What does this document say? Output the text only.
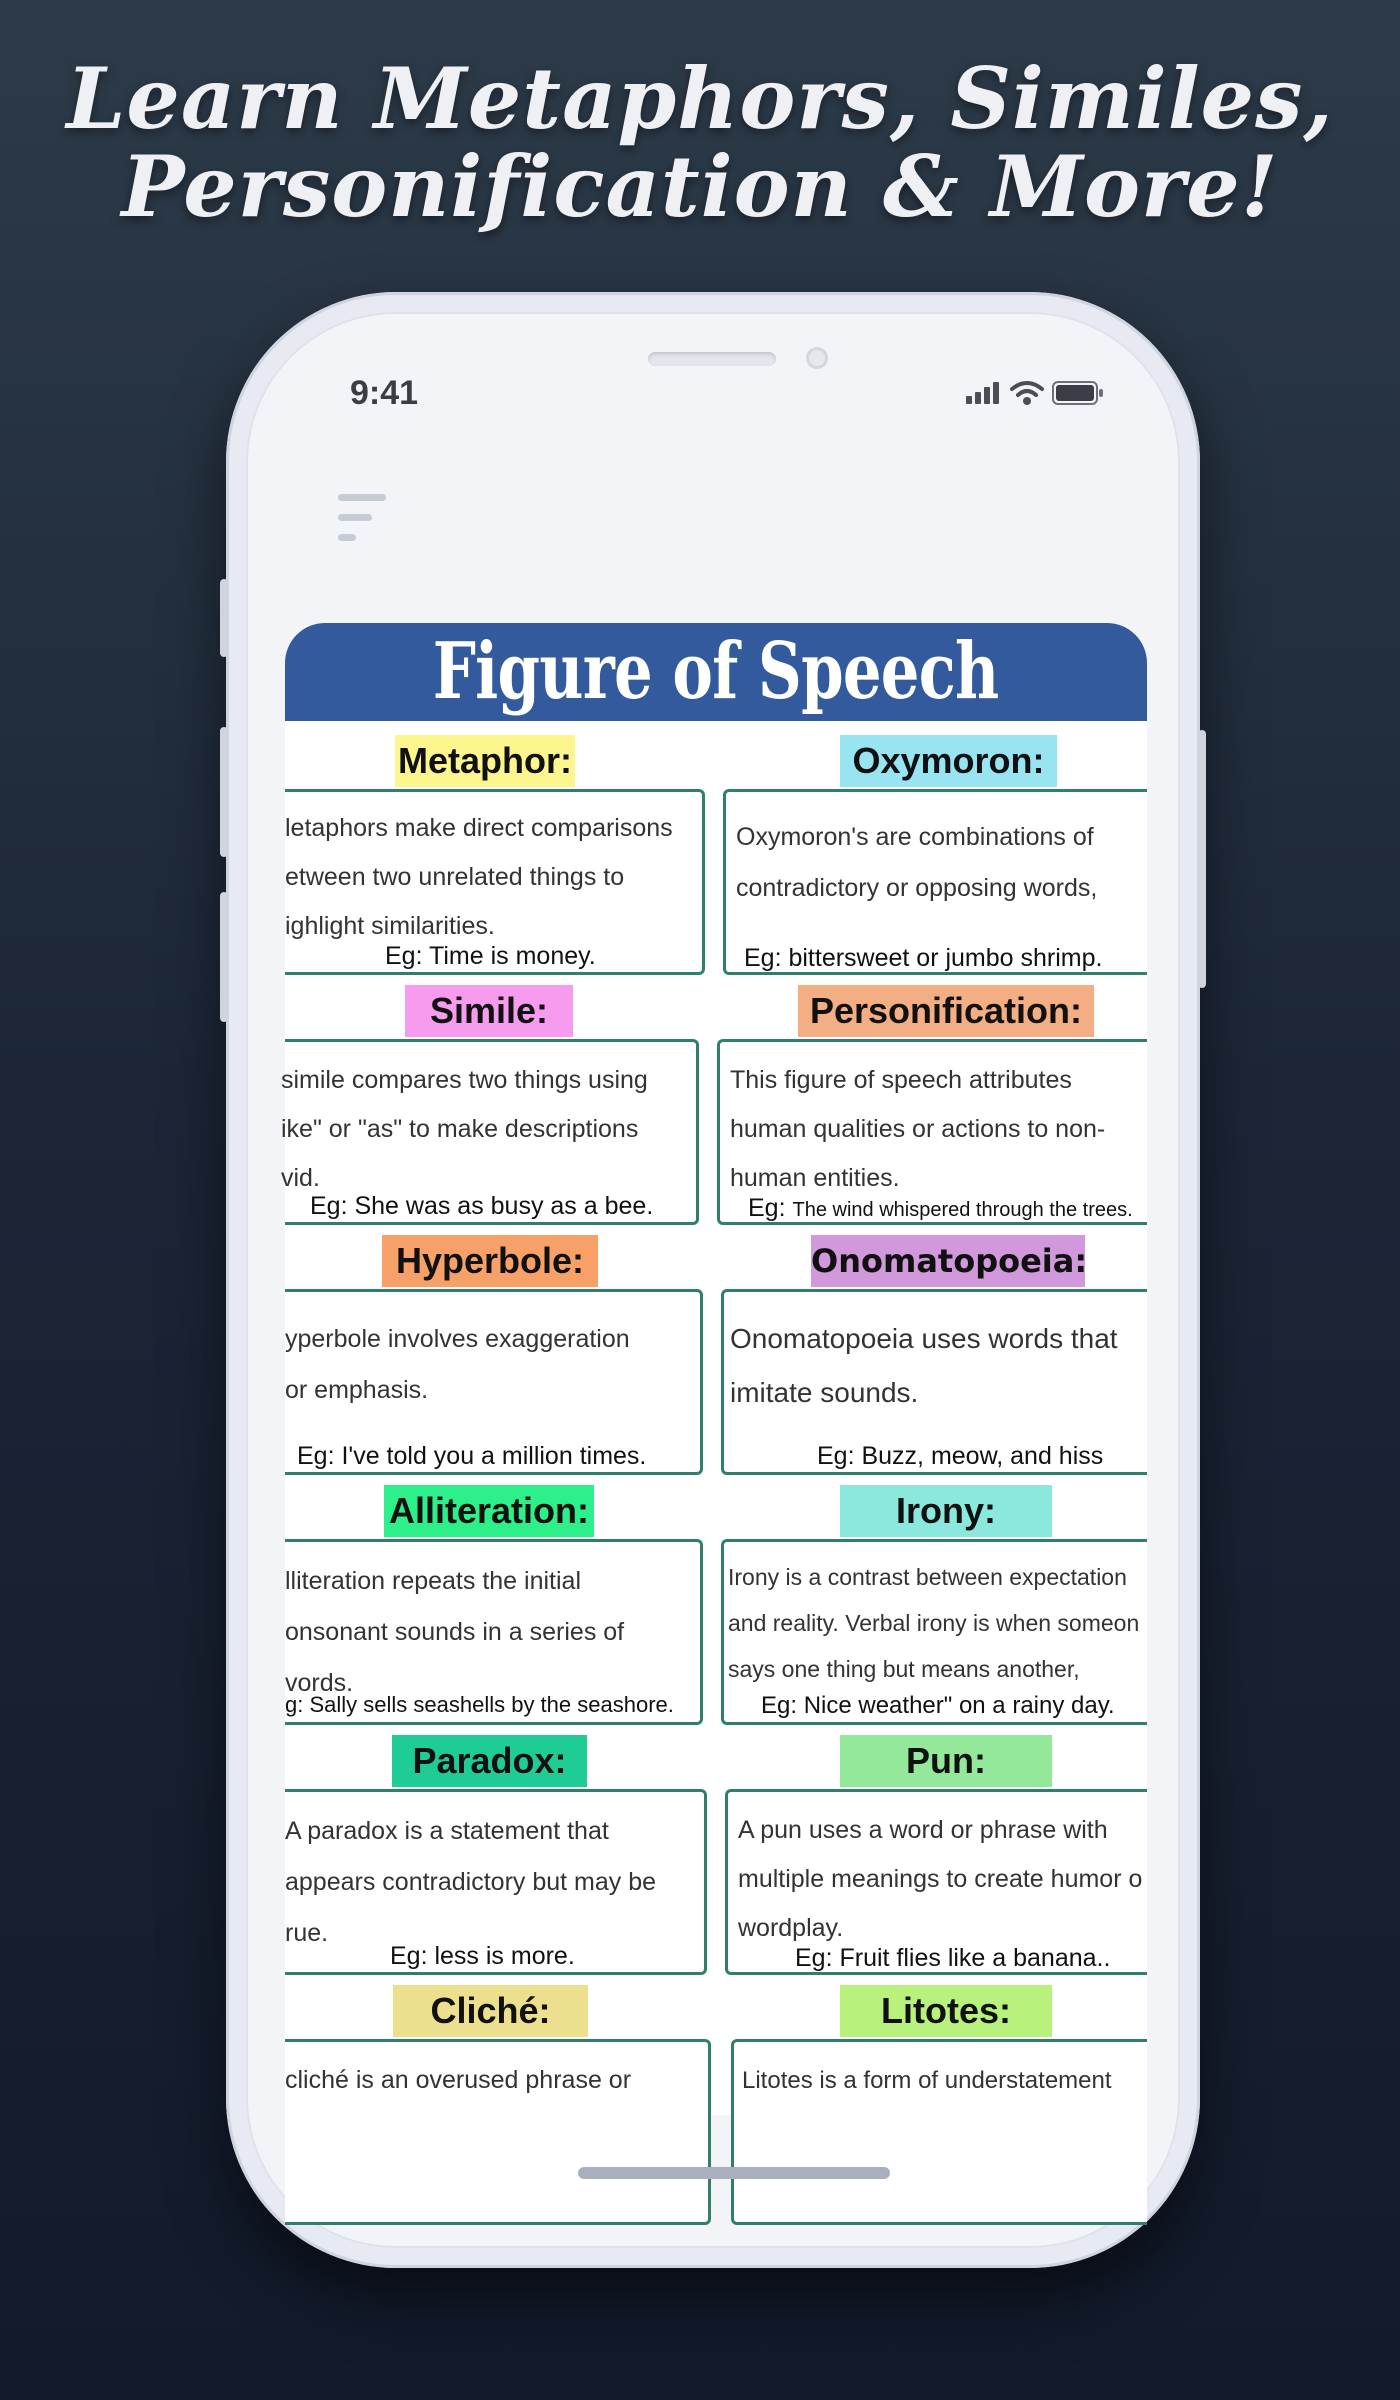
Learn Metaphors, Similes,
Personification & More!
9:41
Figure of Speech
Metaphor:
letaphors make direct comparisons
etween two unrelated things to
ighlight similarities.
Eg: Time is money.
Oxymoron:
Oxymoron's are combinations of
contradictory or opposing words,
Eg: bittersweet or jumbo shrimp.
Simile:
simile compares two things using
ike" or "as" to make descriptions
vid.
Eg: She was as busy as a bee.
Personification:
This figure of speech attributes
human qualities or actions to non-
human entities.
Eg: The wind whispered through the trees.
Hyperbole:
yperbole involves exaggeration
or emphasis.
Eg: I've told you a million times.
Onomatopoeia:
Onomatopoeia uses words that
imitate sounds.
Eg: Buzz, meow, and hiss
Alliteration:
lliteration repeats the initial
onsonant sounds in a series of
vords.
g: Sally sells seashells by the seashore.
Irony:
Irony is a contrast between expectation
and reality. Verbal irony is when someon
says one thing but means another,
Eg: Nice weather" on a rainy day.
Paradox:
A paradox is a statement that
appears contradictory but may be
rue.
Eg: less is more.
Pun:
A pun uses a word or phrase with
multiple meanings to create humor o
wordplay.
Eg: Fruit flies like a banana..
Cliché:
cliché is an overused phrase or
Litotes:
Litotes is a form of understatement
